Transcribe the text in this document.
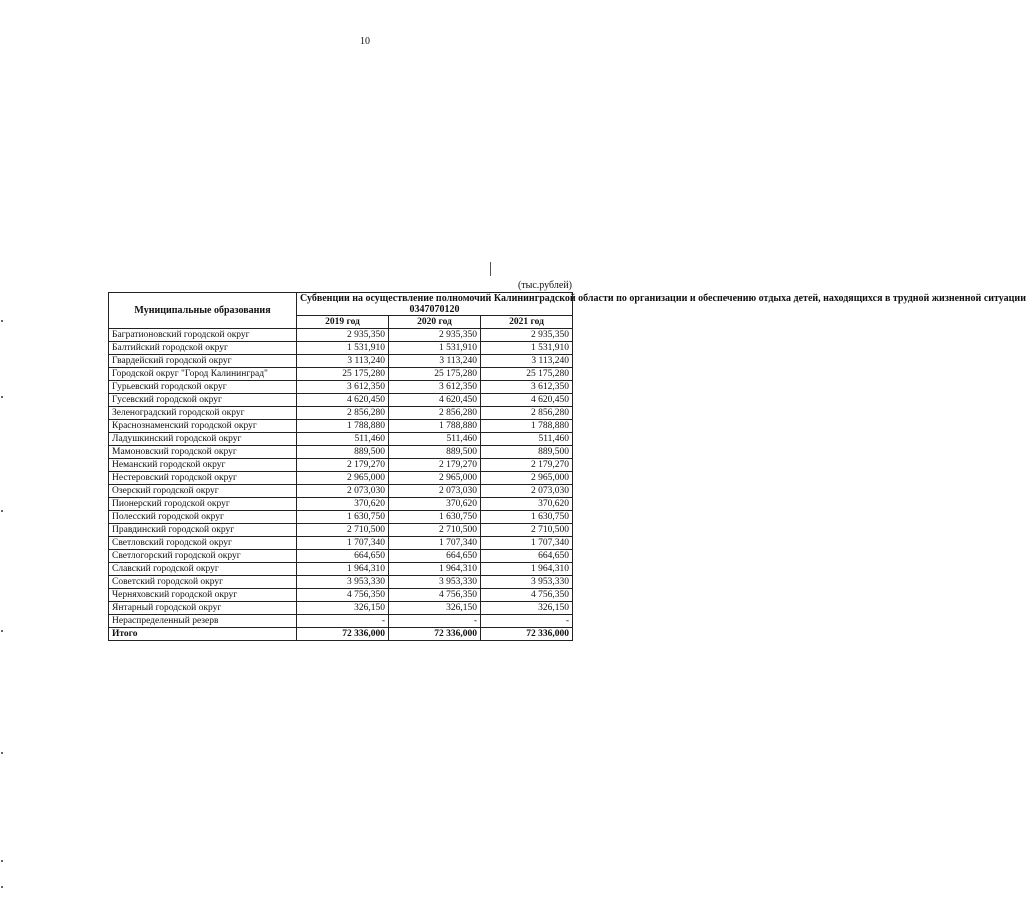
10
(тыс.рублей)
Муниципальные образования	Субвенции на осуществление полномочий Калининградской области по организации и обеспечению отдыха детей, находящихся в трудной жизненной ситуации
0347070120		

	2019 год	2020 год	2021 год
Багратионовский городской округ	2 935,350	2 935,350	2 935,350
Балтийский городской округ	1 531,910	1 531,910	1 531,910
Гвардейский городской округ	3 113,240	3 113,240	3 113,240
Городской округ "Город Калининград"	25 175,280	25 175,280	25 175,280
Гурьевский городской округ	3 612,350	3 612,350	3 612,350
Гусевский городской округ	4 620,450	4 620,450	4 620,450
Зеленоградский городской округ	2 856,280	2 856,280	2 856,280
Краснознаменский городской округ	1 788,880	1 788,880	1 788,880
Ладушкинский городской округ	511,460	511,460	511,460
Мамоновский городской округ	889,500	889,500	889,500
Неманский городской округ	2 179,270	2 179,270	2 179,270
Нестеровский городской округ	2 965,000	2 965,000	2 965,000
Озерский городской округ	2 073,030	2 073,030	2 073,030
Пионерский городской округ	370,620	370,620	370,620
Полесский городской округ	1 630,750	1 630,750	1 630,750
Правдинский городской округ	2 710,500	2 710,500	2 710,500
Светловский городской округ	1 707,340	1 707,340	1 707,340
Светлогорский городской округ	664,650	664,650	664,650
Славский городской округ	1 964,310	1 964,310	1 964,310
Советский городской округ	3 953,330	3 953,330	3 953,330
Черняховский городской округ	4 756,350	4 756,350	4 756,350
Янтарный городской округ	326,150	326,150	326,150
Нераспределенный резерв	-	-	-
Итого	72 336,000	72 336,000	72 336,000
